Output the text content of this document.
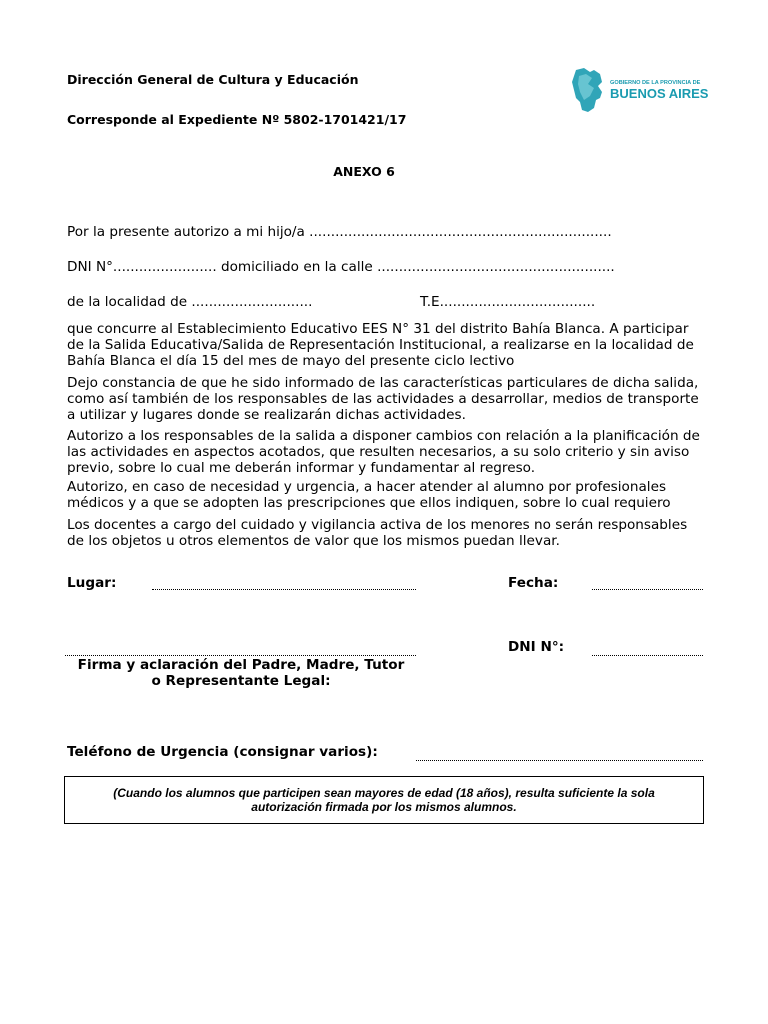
Dirección General de Cultura y Educación
Corresponde al Expediente Nº 5802-1701421/17
ANEXO 6
GOBIERNO DE LA PROVINCIA DE
BUENOS AIRES
Por la presente autorizo a mi hijo/a ......................................................................
DNI N°........................ domiciliado en la calle .......................................................
de la localidad de ............................	T.E....................................
que concurre al Establecimiento Educativo EES N° 31 del distrito Bahía Blanca. A participar de la Salida Educativa/Salida de Representación Institucional, a realizarse en la localidad de Bahía Blanca el día 15 del mes de mayo del presente ciclo lectivo
Dejo constancia de que he sido informado de las características particulares de dicha salida, como así también de los responsables de las actividades a desarrollar, medios de transporte a utilizar y lugares donde se realizarán dichas actividades.
Autorizo a los responsables de la salida a disponer cambios con relación a la planificación de las actividades en aspectos acotados, que resulten necesarios, a su solo criterio y sin aviso previo, sobre lo cual me deberán informar y fundamentar al regreso.
Autorizo, en caso de necesidad y urgencia, a hacer atender al alumno por profesionales médicos y a que se adopten las prescripciones que ellos indiquen, sobre lo cual requiero
Los docentes a cargo del cuidado y vigilancia activa de los menores no serán responsables de los objetos u otros elementos de valor que los mismos puedan llevar.
Lugar:	Fecha:
Firma y aclaración del Padre, Madre, Tutor
o Representante Legal:
DNI N°:
Teléfono de Urgencia (consignar varios):
(Cuando los alumnos que participen sean mayores de edad (18 años), resulta suficiente la sola autorización firmada por los mismos alumnos.
